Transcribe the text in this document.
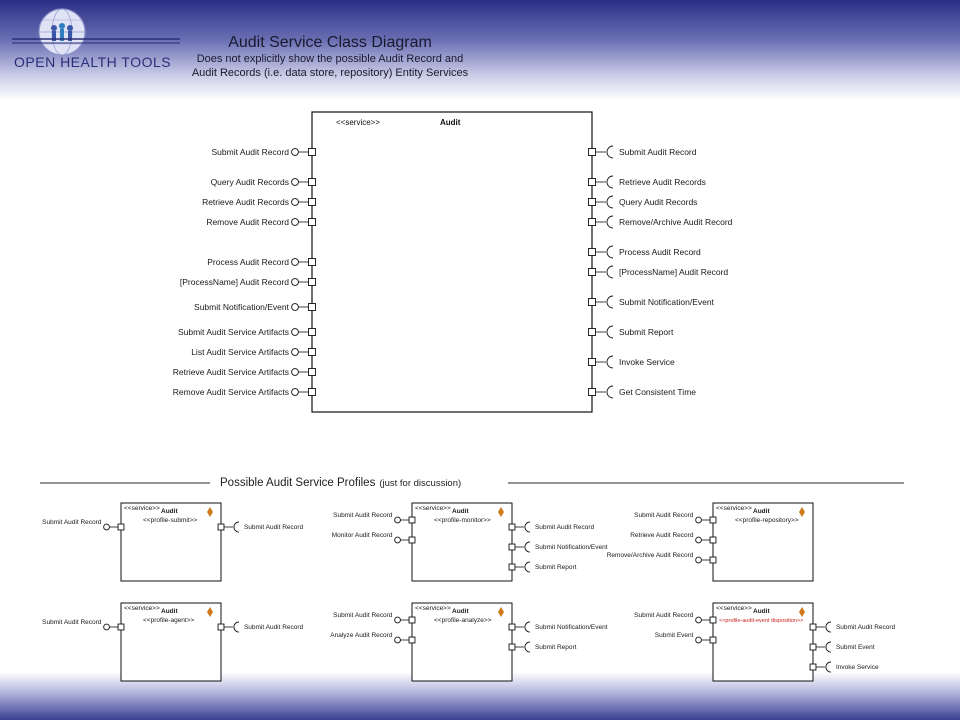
OPEN HEALTH TOOLS
Audit Service Class Diagram
Does not explicitly show the possible Audit Record and
Audit Records (i.e. data store, repository) Entity Services
<<service>>	Audit
Submit Audit Record
Query Audit Records
Retrieve Audit Records
Remove Audit Record
Process Audit Record
[ProcessName] Audit Record
Submit Notification/Event
Submit Audit Service Artifacts
List Audit Service Artifacts
Retrieve Audit Service Artifacts
Remove Audit Service Artifacts
Submit Audit Record
Retrieve Audit Records
Query Audit Records
Remove/Archive Audit Record
Process Audit Record
[ProcessName] Audit Record
Submit Notification/Event
Submit Report
Invoke Service
Get Consistent Time
Possible Audit Service Profiles (just for discussion)
<<service>> Audit
<<profile-submit>>
Submit Audit Record
Submit Audit Record
<<service>> Audit
<<profile-monitor>>
Submit Audit Record
Monitor Audit Record
Submit Audit Record
Submit Notification/Event
Submit Report
<<service>> Audit
<<profile-repository>>
Submit Audit Record
Retrieve Audit Record
Remove/Archive Audit Record
<<service>> Audit
<<profile-agent>>
Submit Audit Record
Submit Audit Record
<<service>> Audit
<<profile-analyze>>
Submit Audit Record
Analyze Audit Record
Submit Notification/Event
Submit Report
<<service>> Audit
<<profile-audit-event disposition>>
Submit Audit Record
Submit Event
Submit Audit Record
Submit Event
Invoke Service
